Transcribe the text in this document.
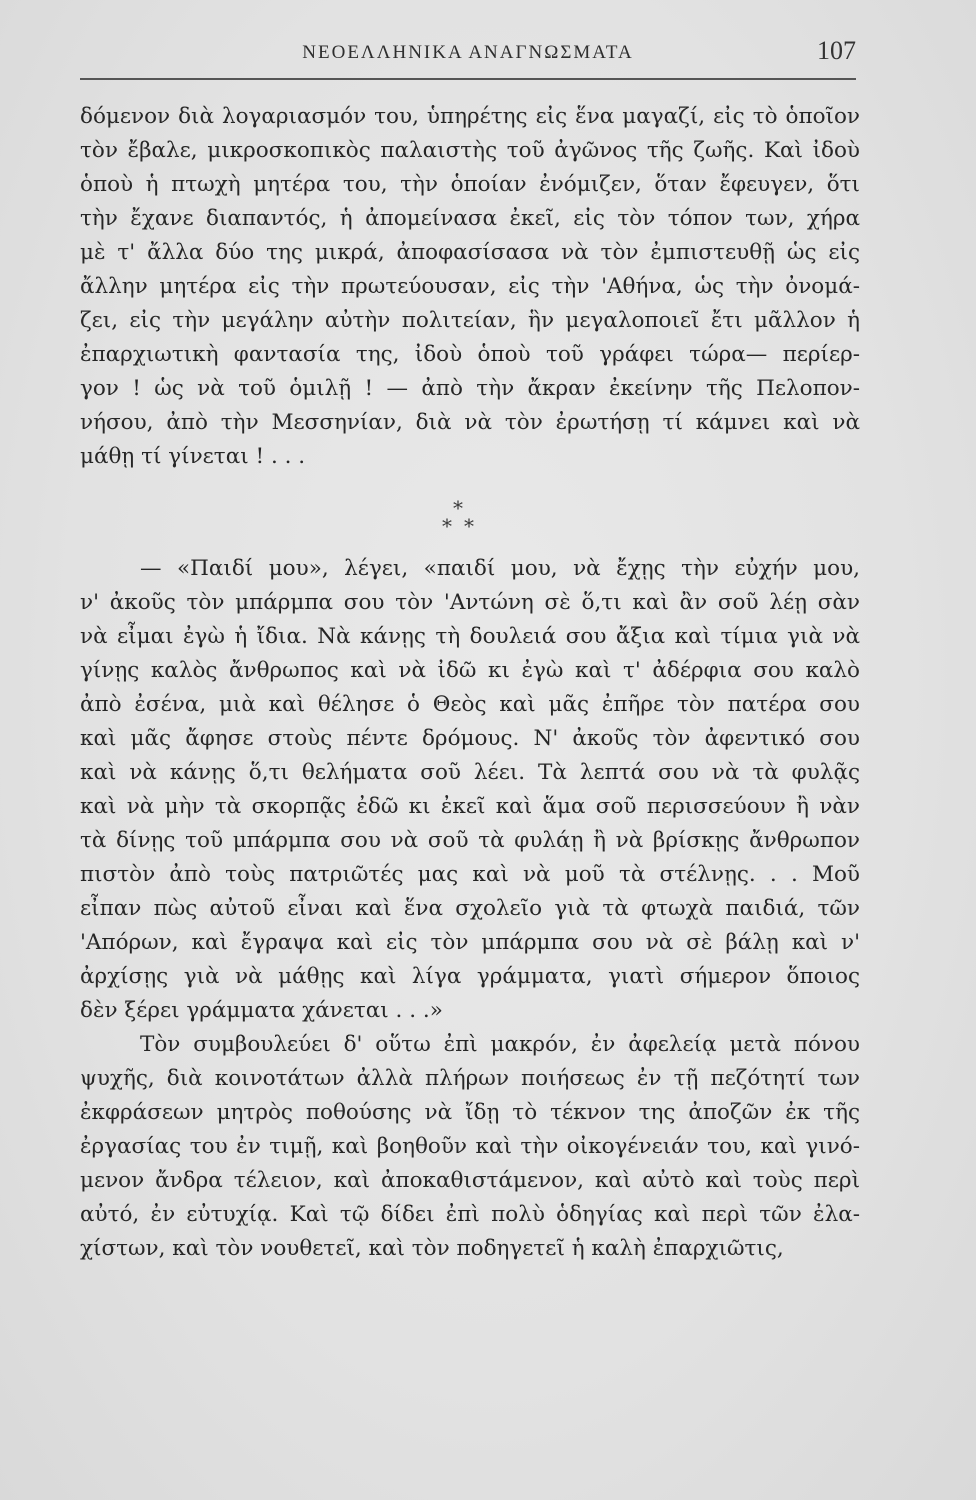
ΝΕΟΕΛΛΗΝΙΚΑ ΑΝΑΓΝΩΣΜΑΤΑ	107
δόμενον διὰ λογαριασμόν του, ὑπηρέτης εἰς ἕνα μαγαζί, εἰς τὸ ὁποῖον
τὸν ἔβαλε, μικροσκοπικὸς παλαιστὴς τοῦ ἀγῶνος τῆς ζωῆς. Καὶ ἰδοὺ
ὁποὺ ἡ πτωχὴ μητέρα του, τὴν ὁποίαν ἐνόμιζεν, ὅταν ἔφευγεν, ὅτι
τὴν ἔχανε διαπαντός, ἡ ἀπομείνασα ἐκεῖ, εἰς τὸν τόπον των, χήρα
μὲ τ' ἄλλα δύο της μικρά, ἀποφασίσασα νὰ τὸν ἐμπιστευθῇ ὡς εἰς
ἄλλην μητέρα εἰς τὴν πρωτεύουσαν, εἰς τὴν 'Αθήνα, ὡς τὴν ὀνομά-
ζει, εἰς τὴν μεγάλην αὐτὴν πολιτείαν, ἣν μεγαλοποιεῖ ἔτι μᾶλλον ἡ
ἐπαρχιωτικὴ φαντασία της, ἰδοὺ ὁποὺ τοῦ γράφει τώρα— περίερ-
γον ! ὡς νὰ τοῦ ὁμιλῇ ! — ἀπὸ τὴν ἄκραν ἐκείνην τῆς Πελοπον-
νήσου, ἀπὸ τὴν Μεσσηνίαν, διὰ νὰ τὸν ἐρωτήσῃ τί κάμνει καὶ νὰ
μάθῃ τί γίνεται ! . . .
*
* *
— «Παιδί μου», λέγει, «παιδί μου, νὰ ἔχῃς τὴν εὐχήν μου,
ν' ἀκοῦς τὸν μπάρμπα σου τὸν 'Αντώνη σὲ ὅ,τι καὶ ἂν σοῦ λέῃ σὰν
νὰ εἶμαι ἐγὼ ἡ ἴδια. Νὰ κάνῃς τὴ δουλειά σου ἄξια καὶ τίμια γιὰ νὰ
γίνῃς καλὸς ἄνθρωπος καὶ νὰ ἰδῶ κι ἐγὼ καὶ τ' ἀδέρφια σου καλὸ
ἀπὸ ἐσένα, μιὰ καὶ θέλησε ὁ Θεὸς καὶ μᾶς ἐπῆρε τὸν πατέρα σου
καὶ μᾶς ἄφησε στοὺς πέντε δρόμους. Ν' ἀκοῦς τὸν ἀφεντικό σου
καὶ νὰ κάνῃς ὅ,τι θελήματα σοῦ λέει. Τὰ λεπτά σου νὰ τὰ φυλᾷς
καὶ νὰ μὴν τὰ σκορπᾷς ἐδῶ κι ἐκεῖ καὶ ἅμα σοῦ περισσεύουν ἢ νὰν
τὰ δίνῃς τοῦ μπάρμπα σου νὰ σοῦ τὰ φυλάῃ ἢ νὰ βρίσκῃς ἄνθρωπον
πιστὸν ἀπὸ τοὺς πατριῶτές μας καὶ νὰ μοῦ τὰ στέλνῃς. . . Μοῦ
εἶπαν πὼς αὐτοῦ εἶναι καὶ ἕνα σχολεῖο γιὰ τὰ φτωχὰ παιδιά, τῶν
'Απόρων, καὶ ἔγραψα καὶ εἰς τὸν μπάρμπα σου νὰ σὲ βάλῃ καὶ ν'
ἀρχίσῃς γιὰ νὰ μάθῃς καὶ λίγα γράμματα, γιατὶ σήμερον ὅποιος
δὲν ξέρει γράμματα χάνεται . . .»
Τὸν συμβουλεύει δ' οὕτω ἐπὶ μακρόν, ἐν ἀφελείᾳ μετὰ πόνου
ψυχῆς, διὰ κοινοτάτων ἀλλὰ πλήρων ποιήσεως ἐν τῇ πεζότητί των
ἐκφράσεων μητρὸς ποθούσης νὰ ἴδῃ τὸ τέκνον της ἀποζῶν ἐκ τῆς
ἐργασίας του ἐν τιμῇ, καὶ βοηθοῦν καὶ τὴν οἰκογένειάν του, καὶ γινό-
μενον ἄνδρα τέλειον, καὶ ἀποκαθιστάμενον, καὶ αὐτὸ καὶ τοὺς περὶ
αὐτό, ἐν εὐτυχίᾳ. Καὶ τῷ δίδει ἐπὶ πολὺ ὁδηγίας καὶ περὶ τῶν ἐλα-
χίστων, καὶ τὸν νουθετεῖ, καὶ τὸν ποδηγετεῖ ἡ καλὴ ἐπαρχιῶτις,
